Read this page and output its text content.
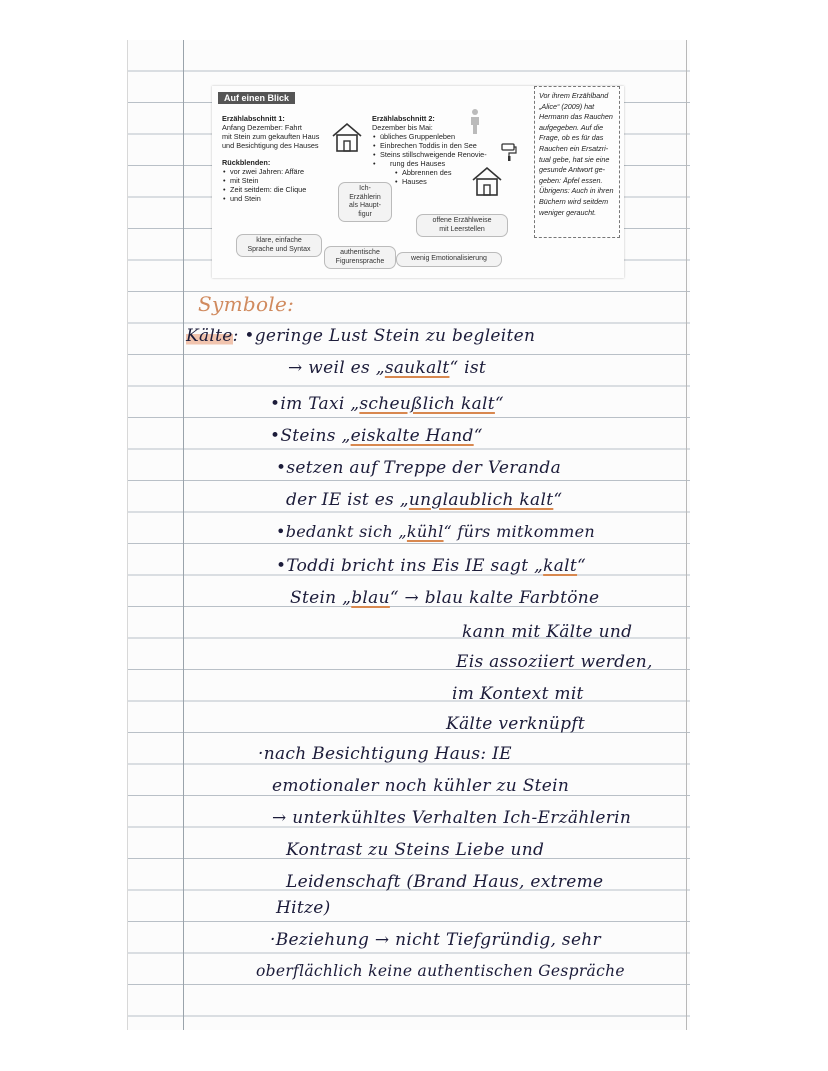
Auf einen Blick
Erzählabschnitt 1:
Anfang Dezember: Fahrt
mit Stein zum gekauften Haus
und Besichtigung des Hauses
Rückblenden:
• vor zwei Jahren: Affäre
• mit Stein
• Zeit seitdem: die Clique
• und Stein
Erzählabschnitt 2:
Dezember bis Mai:
• übliches Gruppenleben
• Einbrechen Toddis in den See
• Steins stillschweigende Renovie-
• rung des Hauses
• Abbrennen des
• Hauses
Ich-
Erzählerin
als Haupt-
figur
offene Erzählweise
mit Leerstellen
klare, einfache
Sprache und Syntax	authentische
Figurensprache	wenig Emotionalisierung
Vor ihrem Erzählband
„Alice“ (2009) hat
Hermann das Rauchen
aufgegeben. Auf die
Frage, ob es für das
Rauchen ein Ersatzri-
tual gebe, hat sie eine
gesunde Antwort ge-
geben: Äpfel essen.
Übrigens: Auch in ihren
Büchern wird seitdem
weniger geraucht.
Symbole:
Kälte: •geringe Lust Stein zu begleiten
→ weil es „saukalt“ ist
•im Taxi „scheußlich kalt“
•Steins „eiskalte Hand“
•setzen auf Treppe der Veranda
der IE ist es „unglaublich kalt“
•bedankt sich „kühl“ fürs mitkommen
•Toddi bricht ins Eis IE sagt „kalt“
Stein „blau“ → blau kalte Farbtöne
kann mit Kälte und
Eis assoziiert werden,
im Kontext mit
Kälte verknüpft
·nach Besichtigung Haus: IE
emotionaler noch kühler zu Stein
→ unterkühltes Verhalten Ich-Erzählerin
Kontrast zu Steins Liebe und
Leidenschaft (Brand Haus, extreme
Hitze)
·Beziehung → nicht Tiefgründig, sehr
oberflächlich keine authentischen Gespräche
